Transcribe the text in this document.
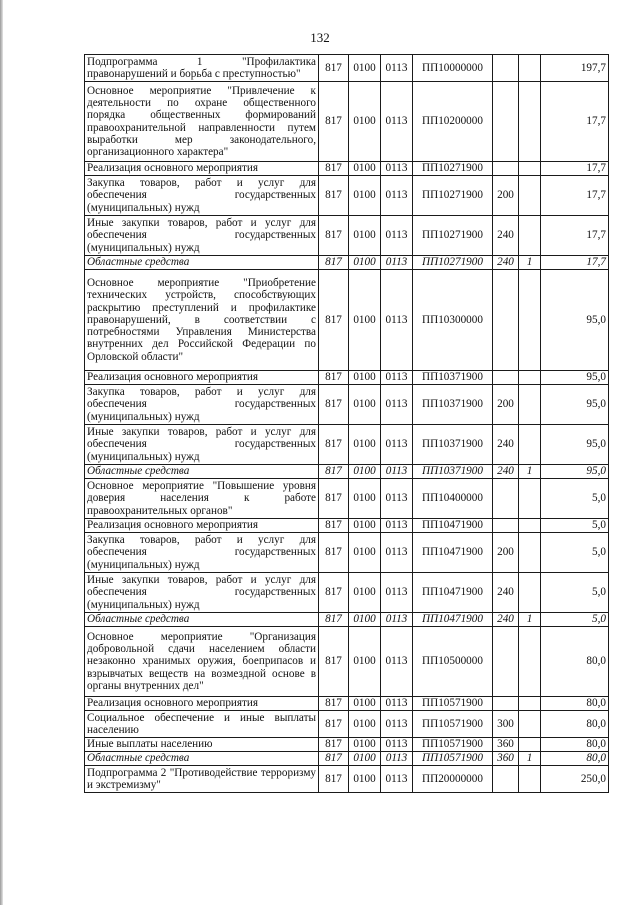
132
Подпрограмма 1 "Профилактика правонарушений и борьба с преступностью"	817	0100	0113	ПП10000000			197,7
Основное мероприятие "Привлечение к деятельности по охране общественного порядка общественных формирований правоохранительной направленности путем выработки мер законодательного, организационного характера"	817	0100	0113	ПП10200000			17,7
Реализация основного мероприятия	817	0100	0113	ПП10271900			17,7
Закупка товаров, работ и услуг для обеспечения государственных (муниципальных) нужд	817	0100	0113	ПП10271900	200		17,7
Иные закупки товаров, работ и услуг для обеспечения государственных (муниципальных) нужд	817	0100	0113	ПП10271900	240		17,7
Областные средства	817	0100	0113	ПП10271900	240	1	17,7
Основное мероприятие "Приобретение технических устройств, способствующих раскрытию преступлений и профилактике правонарушений, в соответствии с потребностями Управления Министерства внутренних дел Российской Федерации по Орловской области"	817	0100	0113	ПП10300000			95,0
Реализация основного мероприятия	817	0100	0113	ПП10371900			95,0
Закупка товаров, работ и услуг для обеспечения государственных (муниципальных) нужд	817	0100	0113	ПП10371900	200		95,0
Иные закупки товаров, работ и услуг для обеспечения государственных (муниципальных) нужд	817	0100	0113	ПП10371900	240		95,0
Областные средства	817	0100	0113	ПП10371900	240	1	95,0
Основное мероприятие "Повышение уровня доверия населения к работе правоохранительных органов"	817	0100	0113	ПП10400000			5,0
Реализация основного мероприятия	817	0100	0113	ПП10471900			5,0
Закупка товаров, работ и услуг для обеспечения государственных (муниципальных) нужд	817	0100	0113	ПП10471900	200		5,0
Иные закупки товаров, работ и услуг для обеспечения государственных (муниципальных) нужд	817	0100	0113	ПП10471900	240		5,0
Областные средства	817	0100	0113	ПП10471900	240	1	5,0
Основное мероприятие "Организация добровольной сдачи населением области незаконно хранимых оружия, боеприпасов и взрывчатых веществ на возмездной основе в органы внутренних дел"	817	0100	0113	ПП10500000			80,0
Реализация основного мероприятия	817	0100	0113	ПП10571900			80,0
Социальное обеспечение и иные выплаты населению	817	0100	0113	ПП10571900	300		80,0
Иные выплаты населению	817	0100	0113	ПП10571900	360		80,0
Областные средства	817	0100	0113	ПП10571900	360	1	80,0
Подпрограмма 2 "Противодействие терроризму и экстремизму"	817	0100	0113	ПП20000000			250,0
